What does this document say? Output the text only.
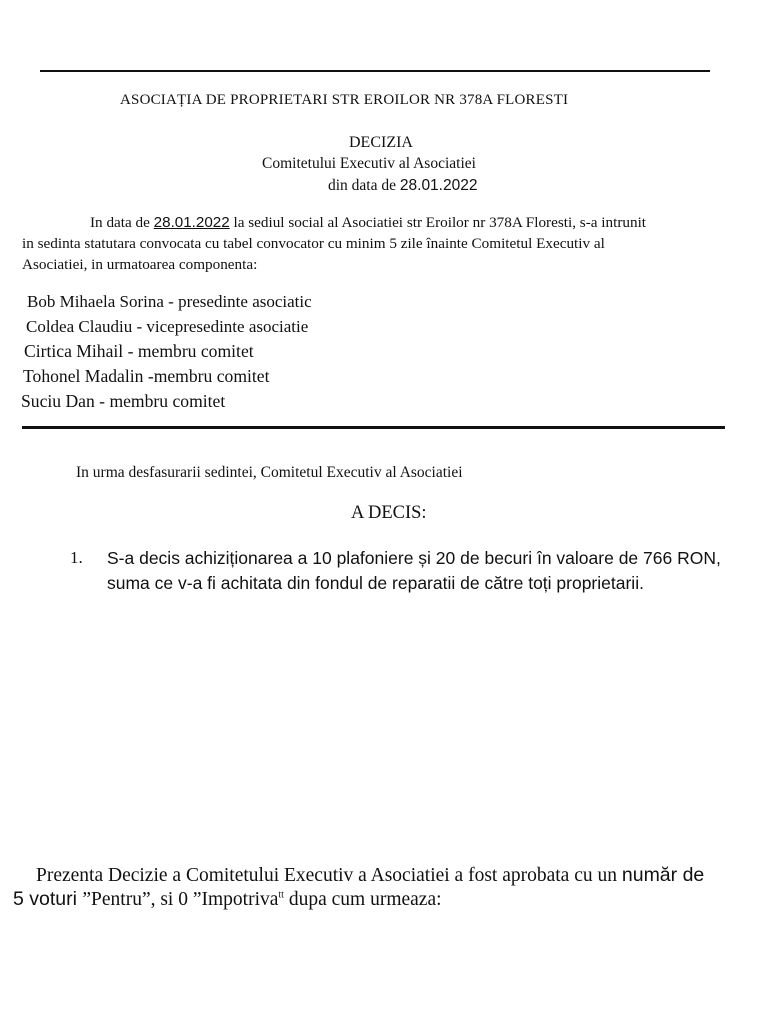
ASOCIAȚIA DE PROPRIETARI STR EROILOR NR 378A FLORESTI
DECIZIA
Comitetului Executiv al Asociatiei
din data de 28.01.2022
In data de 28.01.2022 la sediul social al Asociatiei str Eroilor nr 378A Floresti, s-a intrunit
in sedinta statutara convocata cu tabel convocator cu minim 5 zile înainte Comitetul Executiv al
Asociatiei, in urmatoarea componenta:
Bob Mihaela Sorina - presedinte asociatic
Coldea Claudiu - vicepresedinte asociatie
Cirtica Mihail - membru comitet
Tohonel Madalin -membru comitet
Suciu Dan - membru comitet
In urma desfasurarii sedintei, Comitetul Executiv al Asociatiei
A DECIS:
1. S-a decis achiziționarea a 10 plafoniere și 20 de becuri în valoare de 766 RON,
suma ce v-a fi achitata din fondul de reparatii de către toți proprietarii.
Prezenta Decizie a Comitetului Executiv a Asociatiei a fost aprobata cu un număr de
5 voturi ”Pentru”, si 0 ”Impotriva$^{tt}$ dupa cum urmeaza:
